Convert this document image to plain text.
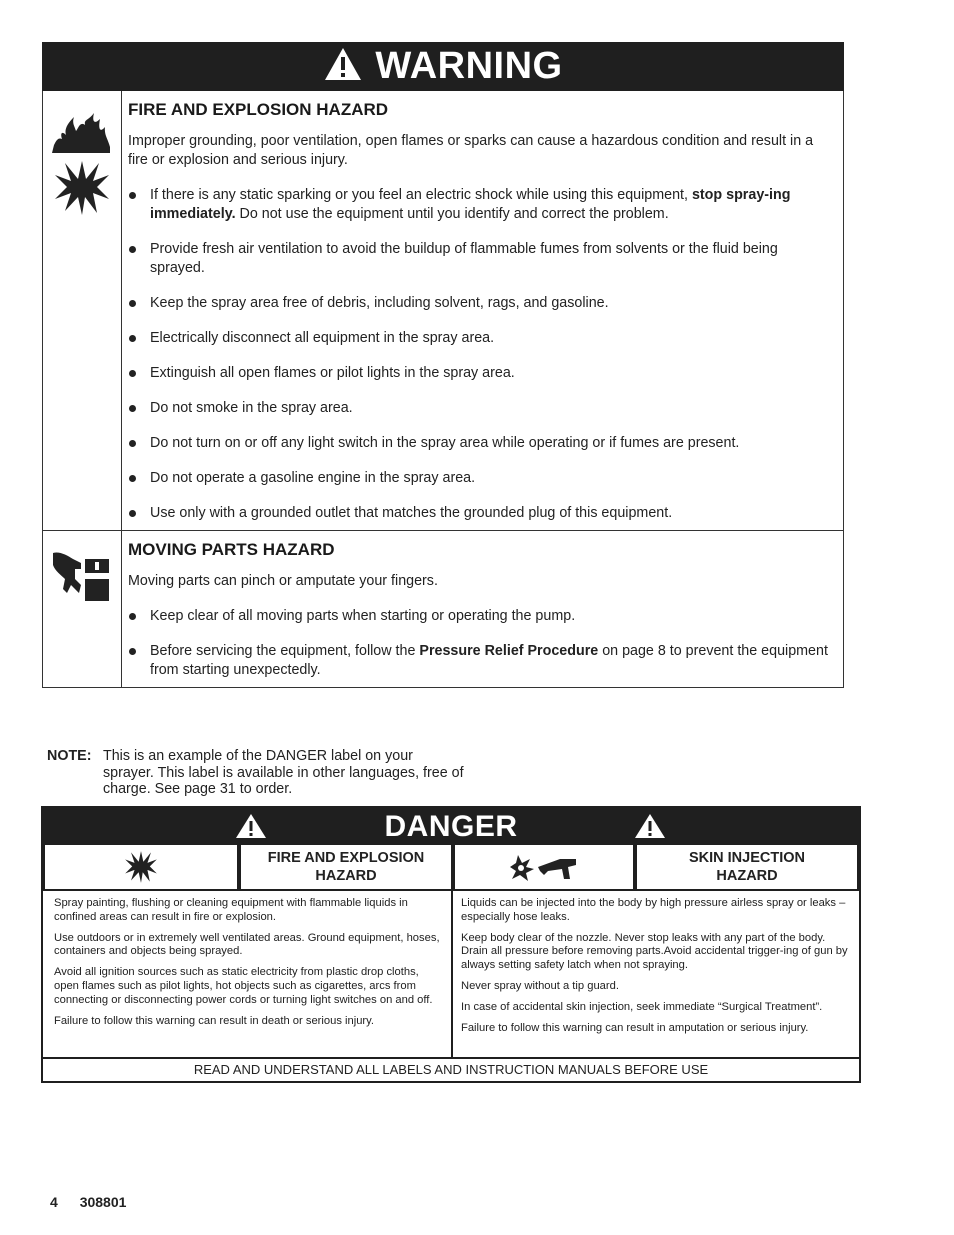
WARNING
FIRE AND EXPLOSION HAZARD

Improper grounding, poor ventilation, open flames or sparks can cause a hazardous condition and result in a fire or explosion and serious injury.

If there is any static sparking or you feel an electric shock while using this equipment, stop spray-ing immediately. Do not use the equipment until you identify and correct the problem.
Provide fresh air ventilation to avoid the buildup of flammable fumes from solvents or the fluid being sprayed.
Keep the spray area free of debris, including solvent, rags, and gasoline.
Electrically disconnect all equipment in the spray area.
Extinguish all open flames or pilot lights in the spray area.
Do not smoke in the spray area.
Do not turn on or off any light switch in the spray area while operating or if fumes are present.
Do not operate a gasoline engine in the spray area.
Use only with a grounded outlet that matches the grounded plug of this equipment.
MOVING PARTS HAZARD

Moving parts can pinch or amputate your fingers.

Keep clear of all moving parts when starting or operating the pump.
Before servicing the equipment, follow the Pressure Relief Procedure on page 8 to prevent the equipment from starting unexpectedly.
NOTE: This is an example of the DANGER label on your sprayer. This label is available in other languages, free of charge. See page 31 to order.
DANGER
FIRE AND EXPLOSION HAZARD
SKIN INJECTION HAZARD

Spray painting, flushing or cleaning equipment with flammable liquids in confined areas can result in fire or explosion.

Use outdoors or in extremely well ventilated areas. Ground equipment, hoses, containers and objects being sprayed.

Avoid all ignition sources such as static electricity from plastic drop cloths, open flames such as pilot lights, hot objects such as cigarettes, arcs from connecting or disconnecting power cords or turning light switches on and off.

Failure to follow this warning can result in death or serious injury.

Liquids can be injected into the body by high pressure airless spray or leaks – especially hose leaks.

Keep body clear of the nozzle. Never stop leaks with any part of the body. Drain all pressure before removing parts.Avoid accidental trigger-ing of gun by always setting safety latch when not spraying.

Never spray without a tip guard.

In case of accidental skin injection, seek immediate “Surgical Treatment”.

Failure to follow this warning can result in amputation or serious injury.

READ AND UNDERSTAND ALL LABELS AND INSTRUCTION MANUALS BEFORE USE
4 308801
